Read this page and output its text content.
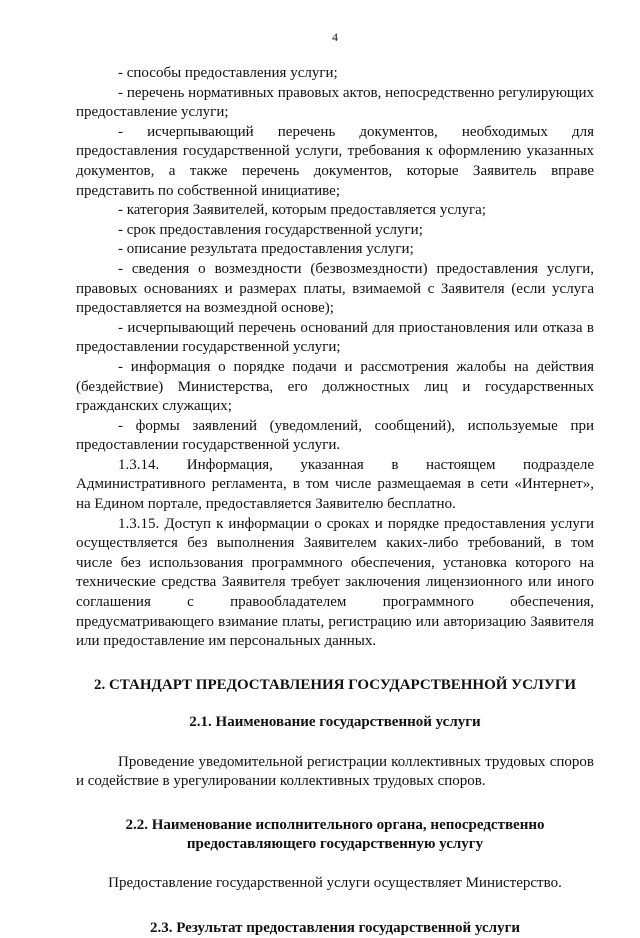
4

- способы предоставления услуги;

- перечень нормативных правовых актов, непосредственно регулирующих предоставление услуги;

- исчерпывающий перечень документов, необходимых для предоставления государственной услуги, требования к оформлению указанных документов, а также перечень документов, которые Заявитель вправе представить по собственной инициативе;

- категория Заявителей, которым предоставляется услуга;

- срок предоставления государственной услуги;

- описание результата предоставления услуги;

- сведения о возмездности (безвозмездности) предоставления услуги, правовых основаниях и размерах платы, взимаемой с Заявителя (если услуга предоставляется на возмездной основе);

- исчерпывающий перечень оснований для приостановления или отказа в предоставлении государственной услуги;

- информация о порядке подачи и рассмотрения жалобы на действия (бездействие) Министерства, его должностных лиц и государственных гражданских служащих;

- формы заявлений (уведомлений, сообщений), используемые при предоставлении государственной услуги.

1.3.14. Информация, указанная в настоящем подразделе Административного регламента, в том числе размещаемая в сети «Интернет», на Едином портале, предоставляется Заявителю бесплатно.

1.3.15. Доступ к информации о сроках и порядке предоставления услуги осуществляется без выполнения Заявителем каких-либо требований, в том числе без использования программного обеспечения, установка которого на технические средства Заявителя требует заключения лицензионного или иного соглашения с правообладателем программного обеспечения, предусматривающего взимание платы, регистрацию или авторизацию Заявителя или предоставление им персональных данных.

2. СТАНДАРТ ПРЕДОСТАВЛЕНИЯ ГОСУДАРСТВЕННОЙ УСЛУГИ
2.1. Наименование государственной услуги

Проведение уведомительной регистрации коллективных трудовых споров и содействие в урегулировании коллективных трудовых споров.

2.2. Наименование исполнительного органа, непосредственно
предоставляющего государственную услугу

Предоставление государственной услуги осуществляет Министерство.

2.3. Результат предоставления государственной услуги
